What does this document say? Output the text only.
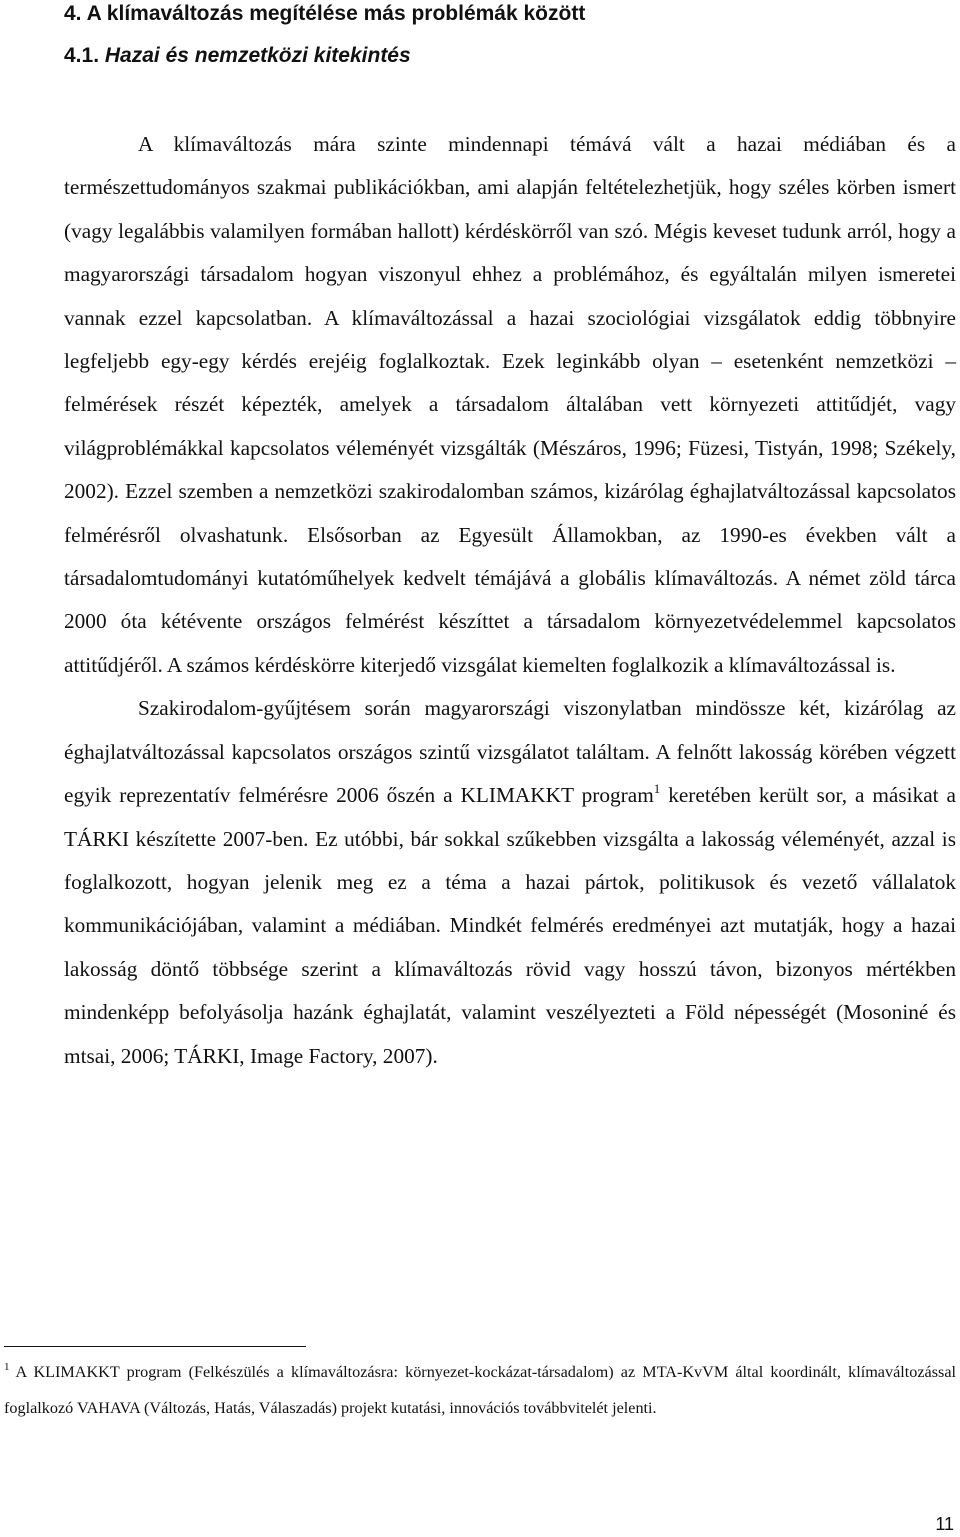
4. A klímaváltozás megítélése más problémák között
4.1. Hazai és nemzetközi kitekintés

A klímaváltozás mára szinte mindennapi témává vált a hazai médiában és a természettudományos szakmai publikációkban, ami alapján feltételezhetjük, hogy széles körben ismert (vagy legalábbis valamilyen formában hallott) kérdéskörről van szó. Mégis keveset tudunk arról, hogy a magyarországi társadalom hogyan viszonyul ehhez a problémához, és egyáltalán milyen ismeretei vannak ezzel kapcsolatban. A klímaváltozással a hazai szociológiai vizsgálatok eddig többnyire legfeljebb egy-egy kérdés erejéig foglalkoztak. Ezek leginkább olyan – esetenként nemzetközi – felmérések részét képezték, amelyek a társadalom általában vett környezeti attitűdjét, vagy világproblémákkal kapcsolatos véleményét vizsgálták (Mészáros, 1996; Füzesi, Tistyán, 1998; Székely, 2002). Ezzel szemben a nemzetközi szakirodalomban számos, kizárólag éghajlatváltozással kapcsolatos felmérésről olvashatunk. Elsősorban az Egyesült Államokban, az 1990-es években vált a társadalomtudományi kutatóműhelyek kedvelt témájává a globális klímaváltozás. A német zöld tárca 2000 óta kétévente országos felmérést készíttet a társadalom környezetvédelemmel kapcsolatos attitűdjéről. A számos kérdéskörre kiterjedő vizsgálat kiemelten foglalkozik a klímaváltozással is.

Szakirodalom-gyűjtésem során magyarországi viszonylatban mindössze két, kizárólag az éghajlatváltozással kapcsolatos országos szintű vizsgálatot találtam. A felnőtt lakosság körében végzett egyik reprezentatív felmérésre 2006 őszén a KLIMAKKT program$^1$ keretében került sor, a másikat a TÁRKI készítette 2007-ben. Ez utóbbi, bár sokkal szűkebben vizsgálta a lakosság véleményét, azzal is foglalkozott, hogyan jelenik meg ez a téma a hazai pártok, politikusok és vezető vállalatok kommunikációjában, valamint a médiában. Mindkét felmérés eredményei azt mutatják, hogy a hazai lakosság döntő többsége szerint a klímaváltozás rövid vagy hosszú távon, bizonyos mértékben mindenképp befolyásolja hazánk éghajlatát, valamint veszélyezteti a Föld népességét (Mosoniné és mtsai, 2006; TÁRKI, Image Factory, 2007).

$^1$ A KLIMAKKT program (Felkészülés a klímaváltozásra: környezet-kockázat-társadalom) az MTA-KvVM által koordinált, klímaváltozással foglalkozó VAHAVA (Változás, Hatás, Válaszadás) projekt kutatási, innovációs továbbvitelét jelenti.
11
